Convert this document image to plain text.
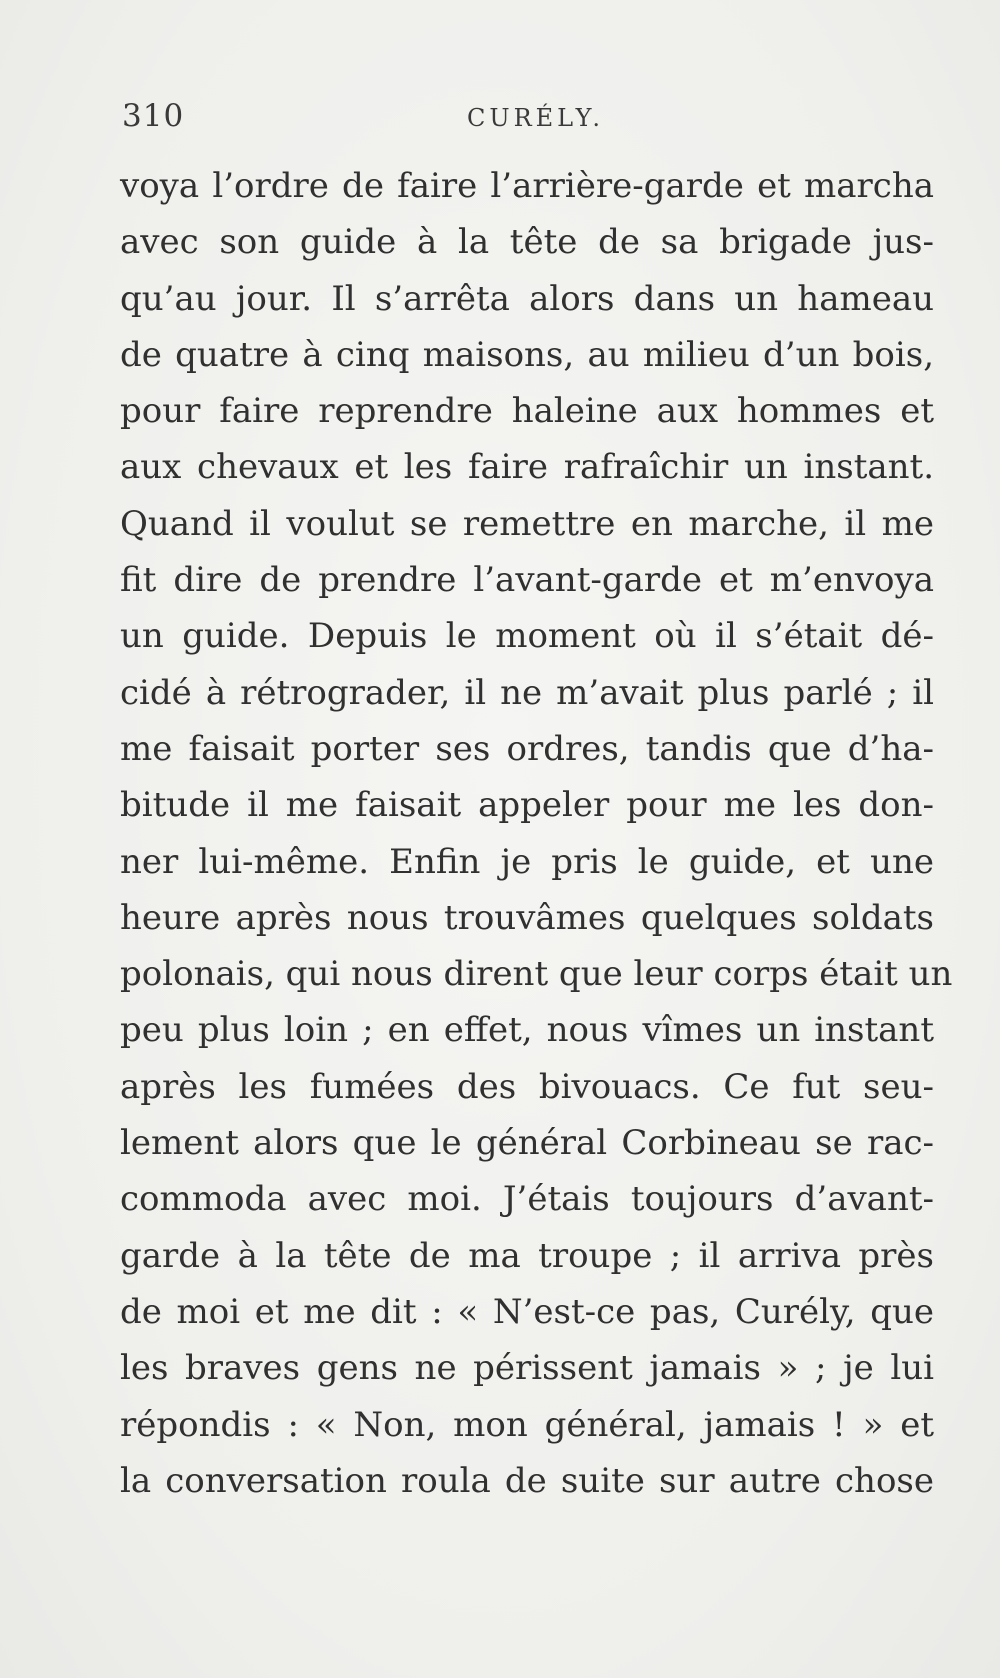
310	CURÉLY.
voya l’ordre de faire l’arrière-garde et marcha
avec son guide à la tête de sa brigade jus-
qu’au jour. Il s’arrêta alors dans un hameau
de quatre à cinq maisons, au milieu d’un bois,
pour faire reprendre haleine aux hommes et
aux chevaux et les faire rafraîchir un instant.
Quand il voulut se remettre en marche, il me
fit dire de prendre l’avant-garde et m’envoya
un guide. Depuis le moment où il s’était dé-
cidé à rétrograder, il ne m’avait plus parlé ; il
me faisait porter ses ordres, tandis que d’ha-
bitude il me faisait appeler pour me les don-
ner lui-même. Enfin je pris le guide, et une
heure après nous trouvâmes quelques soldats
polonais, qui nous dirent que leur corps était un
peu plus loin ; en effet, nous vîmes un instant
après les fumées des bivouacs. Ce fut seu-
lement alors que le général Corbineau se rac-
commoda avec moi. J’étais toujours d’avant-
garde à la tête de ma troupe ; il arriva près
de moi et me dit : « N’est-ce pas, Curély, que
les braves gens ne périssent jamais » ; je lui
répondis : « Non, mon général, jamais ! » et
la conversation roula de suite sur autre chose
